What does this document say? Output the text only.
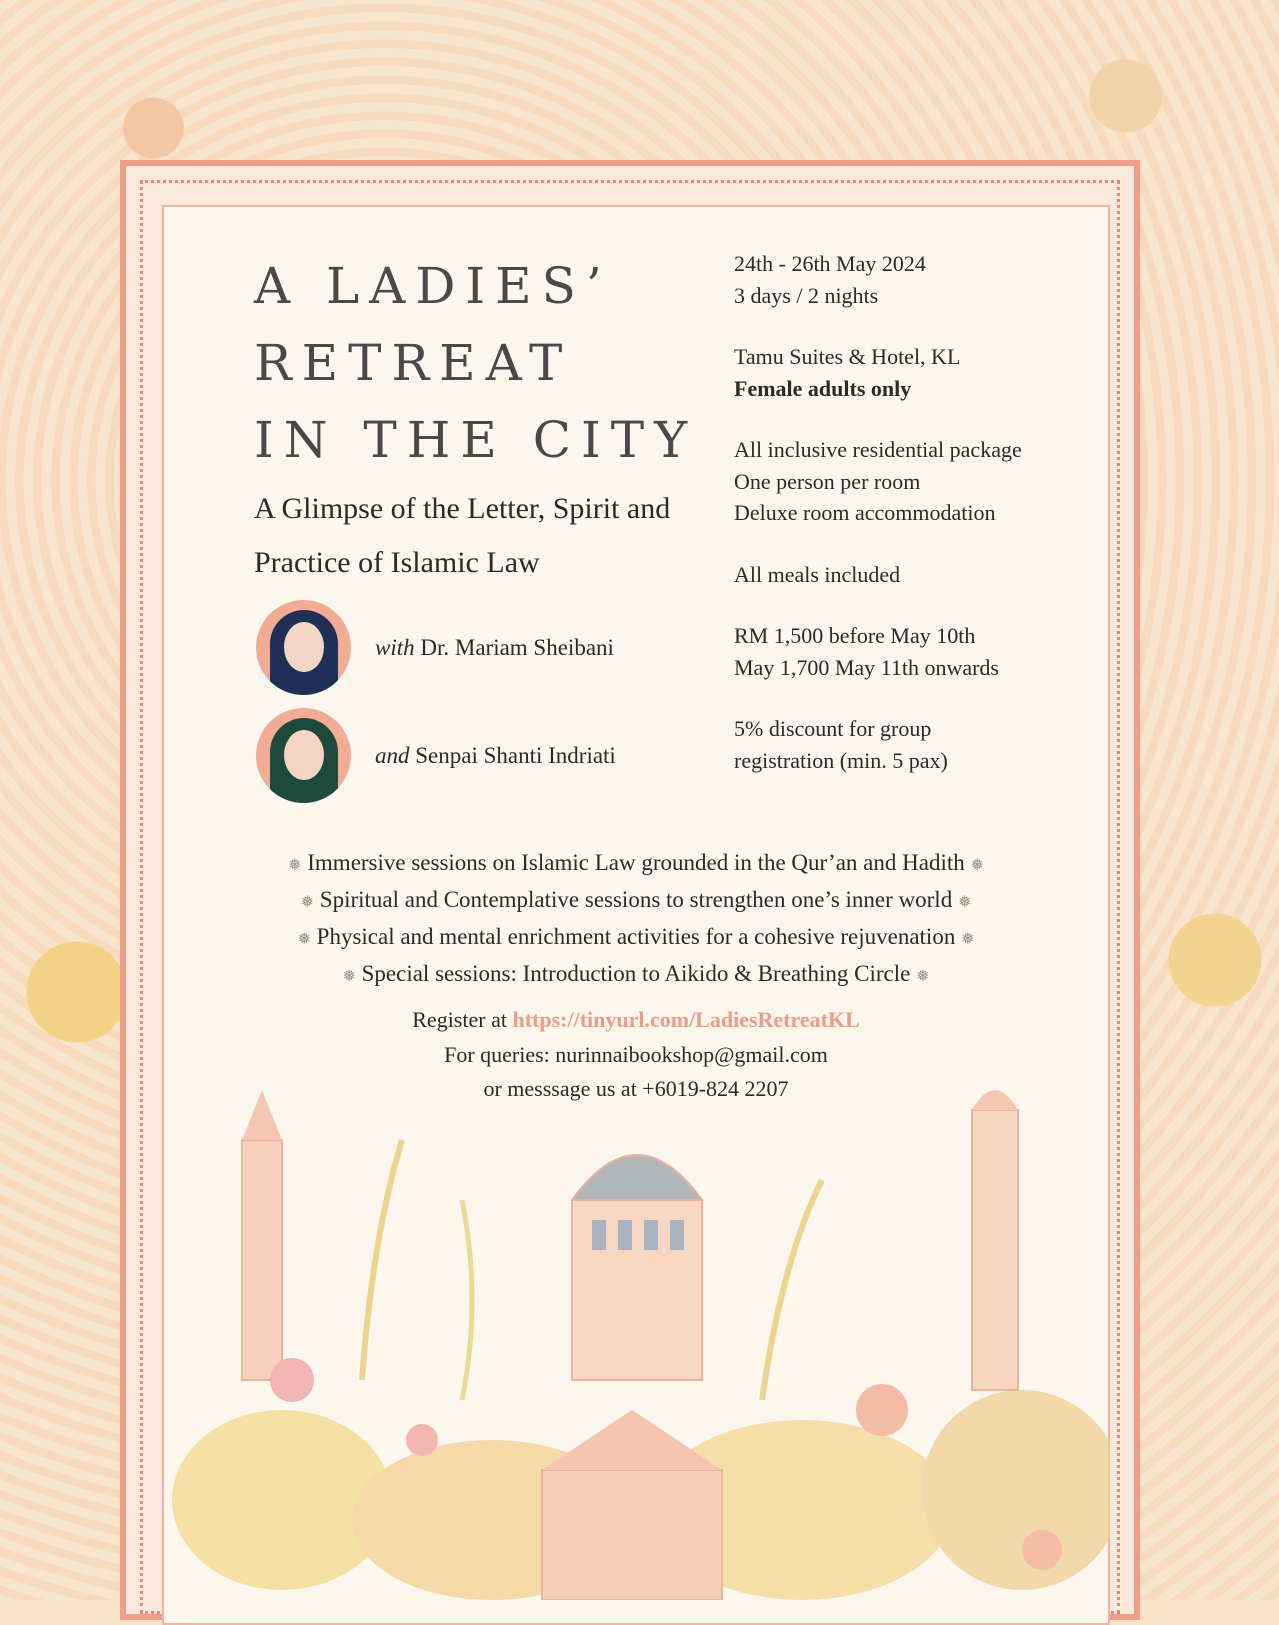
A LADIES’
RETREAT
IN THE CITY
A Glimpse of the Letter, Spirit and Practice of Islamic Law
with Dr. Mariam Sheibani
and Senpai Shanti Indriati

24th - 26th May 2024
3 days / 2 nights

Tamu Suites & Hotel, KL
Female adults only

All inclusive residential package
One person per room
Deluxe room accommodation

All meals included

RM 1,500 before May 10th
May 1,700 May 11th onwards

5% discount for group
registration (min. 5 pax)

❅ Immersive sessions on Islamic Law grounded in the Qur’an and Hadith ❅
❅ Spiritual and Contemplative sessions to strengthen one’s inner world ❅
❅ Physical and mental enrichment activities for a cohesive rejuvenation ❅
❅ Special sessions: Introduction to Aikido & Breathing Circle ❅
Register at https://tinyurl.com/LadiesRetreatKL
For queries: nurinnaibookshop@gmail.com
or messsage us at +6019-824 2207
